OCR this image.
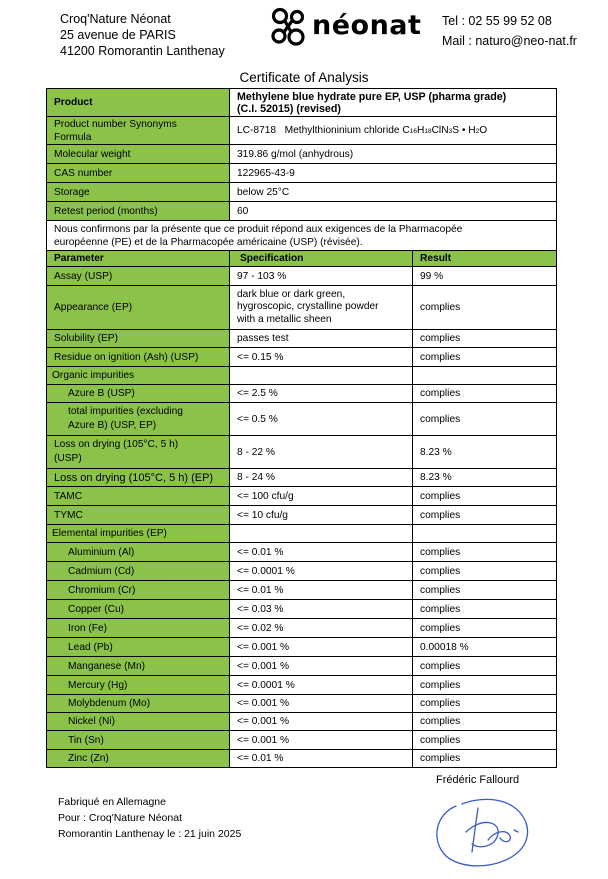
Croq'Nature Néonat
25 avenue de PARIS
41200 Romorantin Lanthenay
néonat Tel : 02 55 99 52 08
Mail : naturo@neo-nat.fr
Certificate of Analysis
Product	Methylene blue hydrate pure EP, USP (pharma grade)
(C.I. 52015) (revised)	

Product number Synonyms
Formula	LC-8718 Methylthioninium chloride C16H18ClN3S • H2O	
Molecular weight	319.86 g/mol (anhydrous)	
CAS number	122965-43-9	
Storage	below 25°C	
Retest period (months)	60	

Nous confirmons par la présente que ce produit répond aux exigences de la Pharmacopée
européenne (PE) et de la Pharmacopée américaine (USP) (révisée).		

Parameter	Specification	Result
Assay (USP)	97 - 103 %	99 %
Appearance (EP)	dark blue or dark green,
hygroscopic, crystalline powder
with a metallic sheen	complies
Solubility (EP)	passes test	complies
Residue on ignition (Ash) (USP)	<= 0.15 %	complies
Organic impurities		
Azure B (USP)	<= 2.5 %	complies

total impurities (excluding
Azure B) (USP, EP)	<= 0.5 %	complies

Loss on drying (105°C, 5 h)
(USP)	8 - 22 %	8.23 %
Loss on drying (105°C, 5 h) (EP)	8 - 24 %	8.23 %
TAMC	<= 100 cfu/g	complies
TYMC	<= 10 cfu/g	complies
Elemental impurities (EP)		
Aluminium (Al)	<= 0.01 %	complies
Cadmium (Cd)	<= 0.0001 %	complies
Chromium (Cr)	<= 0.01 %	complies
Copper (Cu)	<= 0.03 %	complies
Iron (Fe)	<= 0.02 %	complies
Lead (Pb)	<= 0.001 %	0.00018 %
Manganese (Mn)	<= 0.001 %	complies
Mercury (Hg)	<= 0.0001 %	complies
Molybdenum (Mo)	<= 0.001 %	complies
Nickel (Ni)	<= 0.001 %	complies
Tin (Sn)	<= 0.001 %	complies
Zinc (Zn)	<= 0.01 %	complies
Frédéric Fallourd
Fabriqué en Allemagne
Pour : Croq'Nature Néonat
Romorantin Lanthenay le : 21 juin 2025
